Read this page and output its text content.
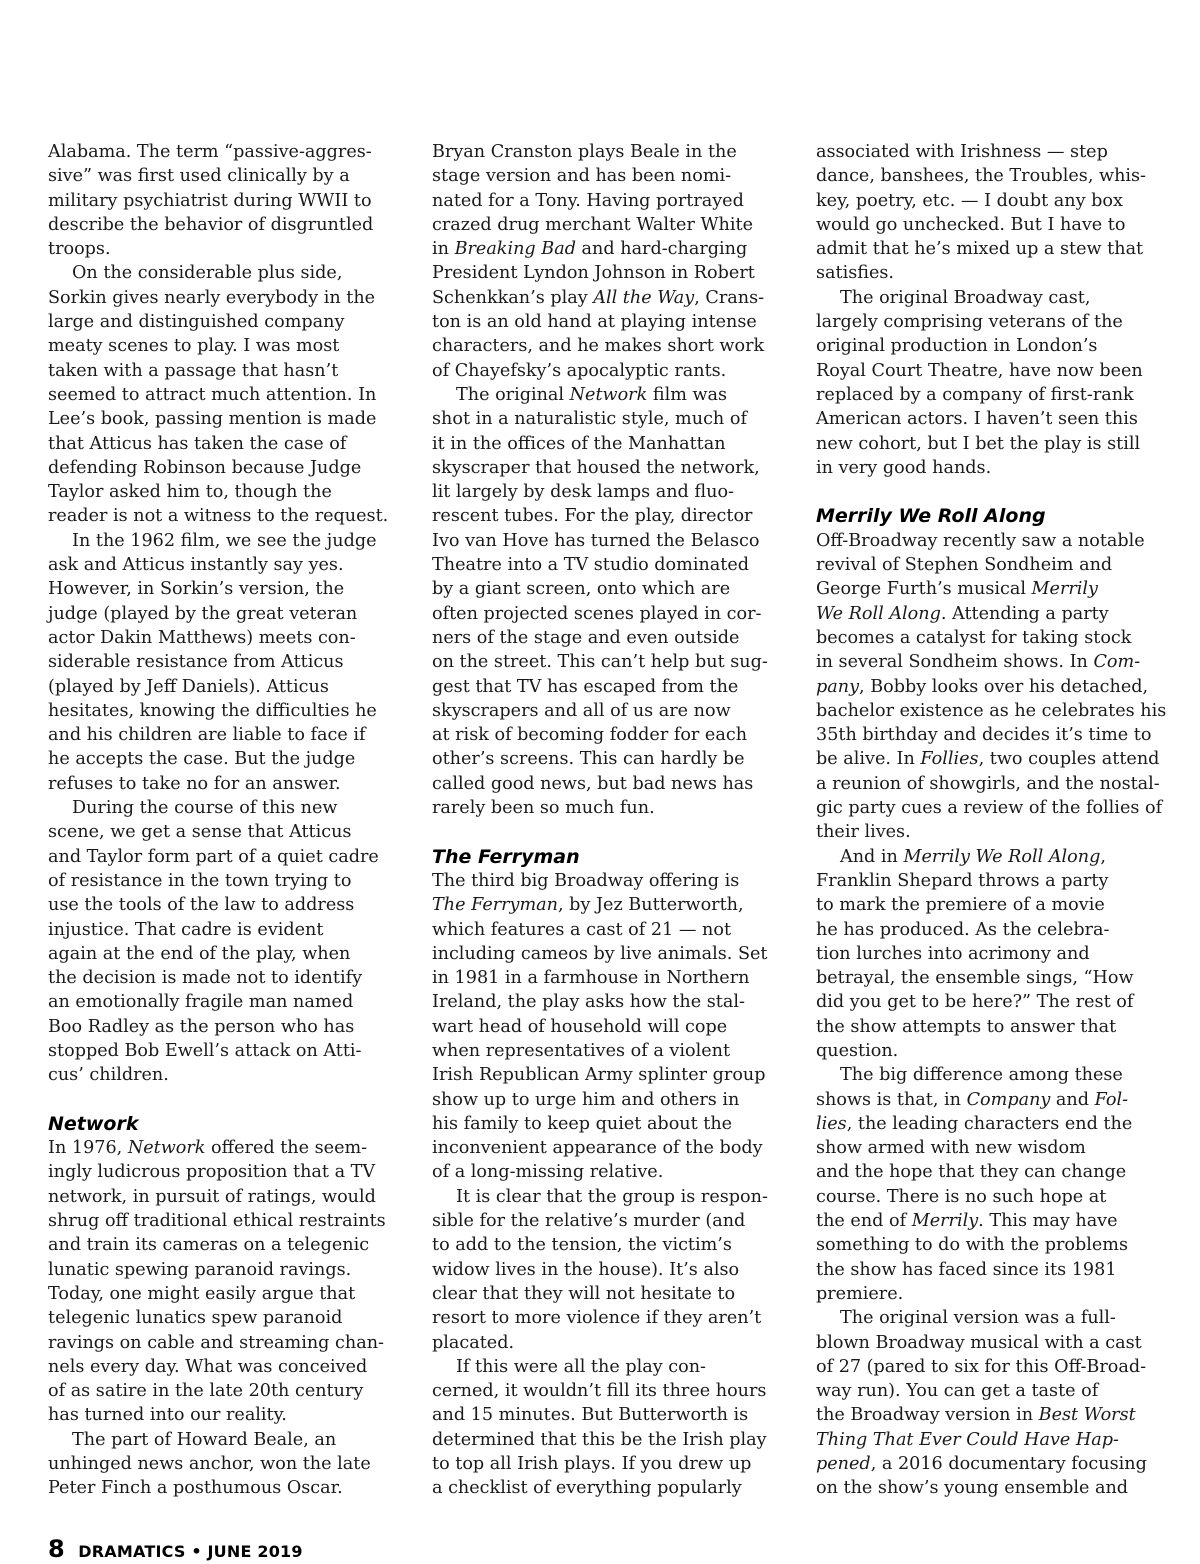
Alabama. The term “passive-aggres-
sive” was first used clinically by a
military psychiatrist during WWII to
describe the behavior of disgruntled
troops.
On the considerable plus side,
Sorkin gives nearly everybody in the
large and distinguished company
meaty scenes to play. I was most
taken with a passage that hasn’t
seemed to attract much attention. In
Lee’s book, passing mention is made
that Atticus has taken the case of
defending Robinson because Judge
Taylor asked him to, though the
reader is not a witness to the request.
In the 1962 film, we see the judge
ask and Atticus instantly say yes.
However, in Sorkin’s version, the
judge (played by the great veteran
actor Dakin Matthews) meets con-
siderable resistance from Atticus
(played by Jeff Daniels). Atticus
hesitates, knowing the difficulties he
and his children are liable to face if
he accepts the case. But the judge
refuses to take no for an answer.
During the course of this new
scene, we get a sense that Atticus
and Taylor form part of a quiet cadre
of resistance in the town trying to
use the tools of the law to address
injustice. That cadre is evident
again at the end of the play, when
the decision is made not to identify
an emotionally fragile man named
Boo Radley as the person who has
stopped Bob Ewell’s attack on Atti-
cus’ children.
Network
In 1976, Network offered the seem-
ingly ludicrous proposition that a TV
network, in pursuit of ratings, would
shrug off traditional ethical restraints
and train its cameras on a telegenic
lunatic spewing paranoid ravings.
Today, one might easily argue that
telegenic lunatics spew paranoid
ravings on cable and streaming chan-
nels every day. What was conceived
of as satire in the late 20th century
has turned into our reality.
The part of Howard Beale, an
unhinged news anchor, won the late
Peter Finch a posthumous Oscar.
Bryan Cranston plays Beale in the
stage version and has been nomi-
nated for a Tony. Having portrayed
crazed drug merchant Walter White
in Breaking Bad and hard-charging
President Lyndon Johnson in Robert
Schenkkan’s play All the Way, Crans-
ton is an old hand at playing intense
characters, and he makes short work
of Chayefsky’s apocalyptic rants.
The original Network film was
shot in a naturalistic style, much of
it in the offices of the Manhattan
skyscraper that housed the network,
lit largely by desk lamps and fluo-
rescent tubes. For the play, director
Ivo van Hove has turned the Belasco
Theatre into a TV studio dominated
by a giant screen, onto which are
often projected scenes played in cor-
ners of the stage and even outside
on the street. This can’t help but sug-
gest that TV has escaped from the
skyscrapers and all of us are now
at risk of becoming fodder for each
other’s screens. This can hardly be
called good news, but bad news has
rarely been so much fun.
The Ferryman
The third big Broadway offering is
The Ferryman, by Jez Butterworth,
which features a cast of 21 — not
including cameos by live animals. Set
in 1981 in a farmhouse in Northern
Ireland, the play asks how the stal-
wart head of household will cope
when representatives of a violent
Irish Republican Army splinter group
show up to urge him and others in
his family to keep quiet about the
inconvenient appearance of the body
of a long-missing relative.
It is clear that the group is respon-
sible for the relative’s murder (and
to add to the tension, the victim’s
widow lives in the house). It’s also
clear that they will not hesitate to
resort to more violence if they aren’t
placated.
If this were all the play con-
cerned, it wouldn’t fill its three hours
and 15 minutes. But Butterworth is
determined that this be the Irish play
to top all Irish plays. If you drew up
a checklist of everything popularly
associated with Irishness — step
dance, banshees, the Troubles, whis-
key, poetry, etc. — I doubt any box
would go unchecked. But I have to
admit that he’s mixed up a stew that
satisfies.
The original Broadway cast,
largely comprising veterans of the
original production in London’s
Royal Court Theatre, have now been
replaced by a company of first-rank
American actors. I haven’t seen this
new cohort, but I bet the play is still
in very good hands.
Merrily We Roll Along
Off-Broadway recently saw a notable
revival of Stephen Sondheim and
George Furth’s musical Merrily
We Roll Along. Attending a party
becomes a catalyst for taking stock
in several Sondheim shows. In Com-
pany, Bobby looks over his detached,
bachelor existence as he celebrates his
35th birthday and decides it’s time to
be alive. In Follies, two couples attend
a reunion of showgirls, and the nostal-
gic party cues a review of the follies of
their lives.
And in Merrily We Roll Along,
Franklin Shepard throws a party
to mark the premiere of a movie
he has produced. As the celebra-
tion lurches into acrimony and
betrayal, the ensemble sings, “How
did you get to be here?” The rest of
the show attempts to answer that
question.
The big difference among these
shows is that, in Company and Fol-
lies, the leading characters end the
show armed with new wisdom
and the hope that they can change
course. There is no such hope at
the end of Merrily. This may have
something to do with the problems
the show has faced since its 1981
premiere.
The original version was a full-
blown Broadway musical with a cast
of 27 (pared to six for this Off-Broad-
way run). You can get a taste of
the Broadway version in Best Worst
Thing That Ever Could Have Hap-
pened, a 2016 documentary focusing
on the show’s young ensemble and
8 DRAMATICS • JUNE 2019
